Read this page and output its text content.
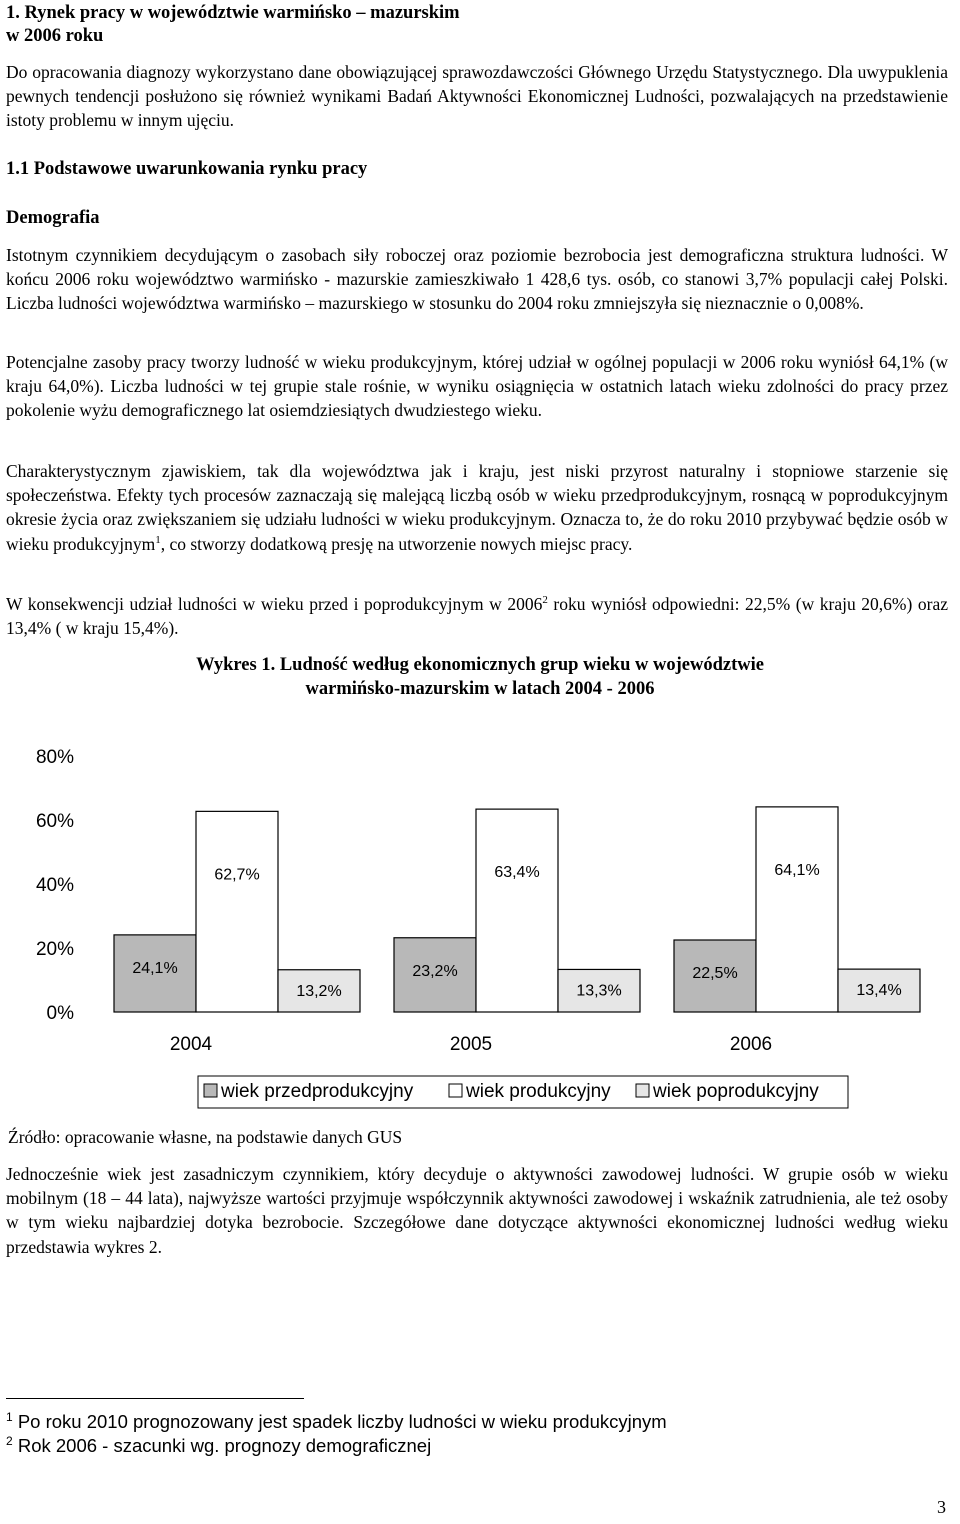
1. Rynek pracy w województwie warmińsko – mazurskim
w 2006 roku
Do opracowania diagnozy wykorzystano dane obowiązującej sprawozdawczości Głównego Urzędu Statystycznego. Dla uwypuklenia pewnych tendencji posłużono się również wynikami Badań Aktywności Ekonomicznej Ludności, pozwalających na przedstawienie istoty problemu w innym ujęciu.
1.1 Podstawowe uwarunkowania rynku pracy
Demografia
Istotnym czynnikiem decydującym o zasobach siły roboczej oraz poziomie bezrobocia jest demograficzna struktura ludności. W końcu 2006 roku województwo warmińsko - mazurskie zamieszkiwało 1 428,6 tys. osób, co stanowi 3,7% populacji całej Polski. Liczba ludności województwa warmińsko – mazurskiego w stosunku do 2004 roku zmniejszyła się nieznacznie o 0,008%.
Potencjalne zasoby pracy tworzy ludność w wieku produkcyjnym, której udział w ogólnej populacji w 2006 roku wyniósł 64,1% (w kraju 64,0%). Liczba ludności w tej grupie stale rośnie, w wyniku osiągnięcia w ostatnich latach wieku zdolności do pracy przez pokolenie wyżu demograficznego lat osiemdziesiątych dwudziestego wieku.
Charakterystycznym zjawiskiem, tak dla województwa jak i kraju, jest niski przyrost naturalny i stopniowe starzenie się społeczeństwa. Efekty tych procesów zaznaczają się malejącą liczbą osób w wieku przedprodukcyjnym, rosnącą w poprodukcyjnym okresie życia oraz zwiększaniem się udziału ludności w wieku produkcyjnym. Oznacza to, że do roku 2010 przybywać będzie osób w wieku produkcyjnym$^1$, co stworzy dodatkową presję na utworzenie nowych miejsc pracy.
W konsekwencji udział ludności w wieku przed i poprodukcyjnym w 2006$^2$ roku wyniósł odpowiedni: 22,5% (w kraju 20,6%) oraz 13,4% ( w kraju 15,4%).
Wykres 1. Ludność według ekonomicznych grup wieku w województwie
warmińsko-mazurskim w latach 2004 - 2006
0%
20%
40%
60%
80%
24,1%
62,7%
13,2%
2004
23,2%
63,4%
13,3%
2005
22,5%
64,1%
13,4%
2006
wiek przedprodukcyjny	wiek produkcyjny wiek poprodukcyjny
Źródło: opracowanie własne, na podstawie danych GUS
Jednocześnie wiek jest zasadniczym czynnikiem, który decyduje o aktywności zawodowej ludności. W grupie osób w wieku mobilnym (18 – 44 lata), najwyższe wartości przyjmuje współczynnik aktywności zawodowej i wskaźnik zatrudnienia, ale też osoby w tym wieku najbardziej dotyka bezrobocie. Szczegółowe dane dotyczące aktywności ekonomicznej ludności według wieku przedstawia wykres 2.
$^1$ Po roku 2010 prognozowany jest spadek liczby ludności w wieku produkcyjnym
$^2$ Rok 2006 - szacunki wg. prognozy demograficznej
3
